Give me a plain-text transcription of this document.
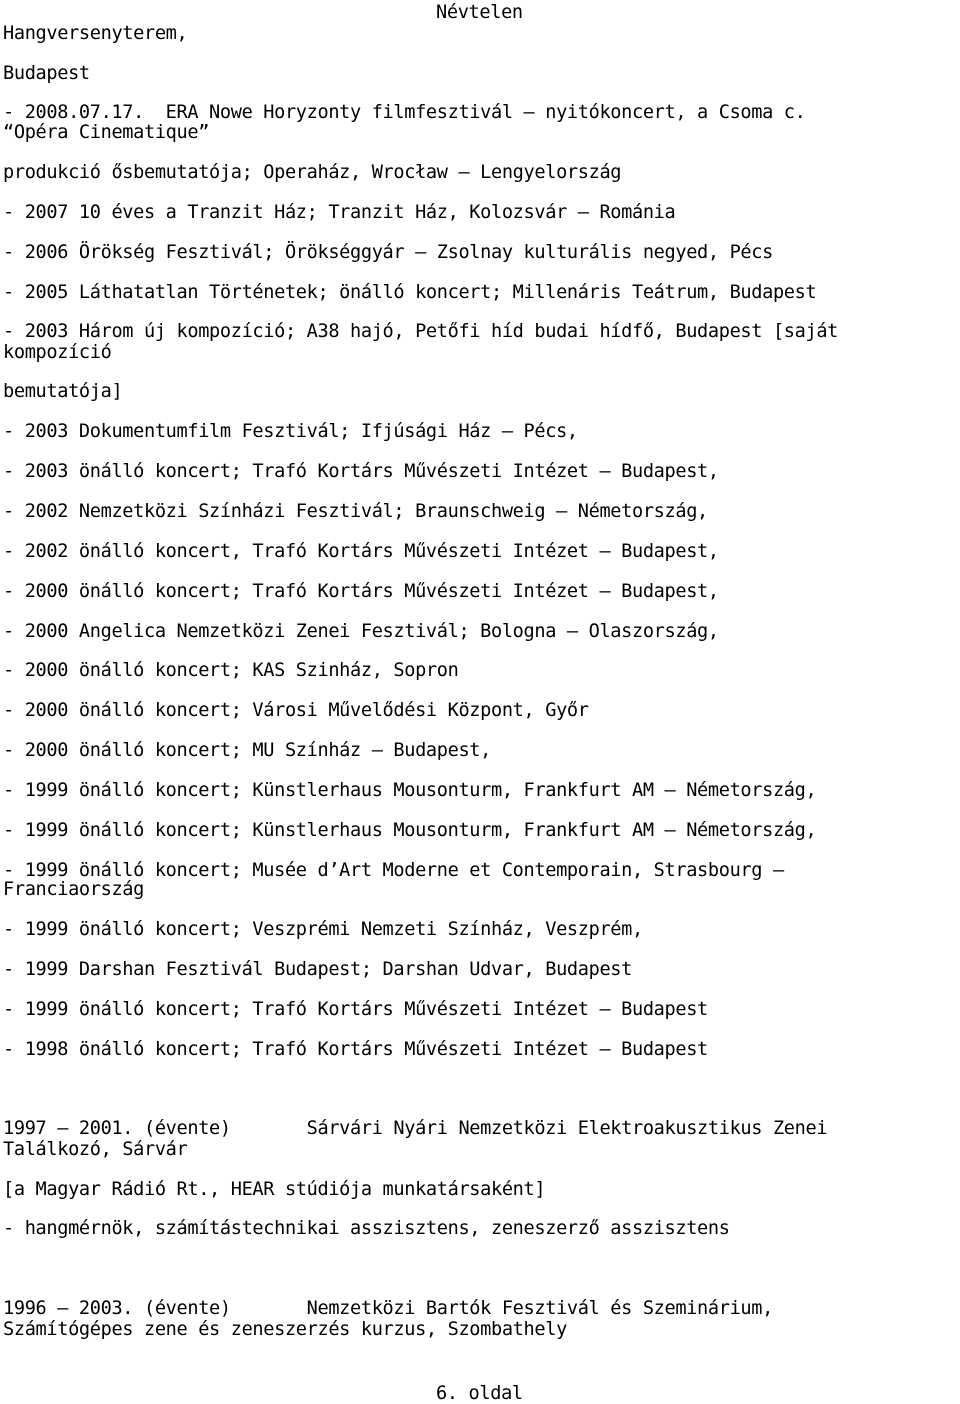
Hangversenyterem,

Névtelen

Budapest

- 2008.07.17.  ERA Nowe Horyzonty filmfesztivál – nyitókoncert, a Csoma c.

“Opéra Cinematique”

produkció ősbemutatója; Operaház, Wrocław – Lengyelország

- 2007 10 éves a Tranzit Ház; Tranzit Ház, Kolozsvár – Románia

- 2006 Örökség Fesztivál; Örökséggyár – Zsolnay kulturális negyed, Pécs

- 2005 Láthatatlan Történetek; önálló koncert; Millenáris Teátrum, Budapest

- 2003 Három új kompozíció; A38 hajó, Petőfi híd budai hídfő, Budapest [saját

kompozíció

bemutatója]

- 2003 Dokumentumfilm Fesztivál; Ifjúsági Ház – Pécs,

- 2003 önálló koncert; Trafó Kortárs Művészeti Intézet – Budapest,

- 2002 Nemzetközi Színházi Fesztivál; Braunschweig – Németország,

- 2002 önálló koncert, Trafó Kortárs Művészeti Intézet – Budapest,

- 2000 önálló koncert; Trafó Kortárs Művészeti Intézet – Budapest,

- 2000 Angelica Nemzetközi Zenei Fesztivál; Bologna – Olaszország,

- 2000 önálló koncert; KAS Szinház, Sopron

- 2000 önálló koncert; Városi Művelődési Központ, Győr

- 2000 önálló koncert; MU Színház – Budapest,

- 1999 önálló koncert; Künstlerhaus Mousonturm, Frankfurt AM – Németország,

- 1999 önálló koncert; Künstlerhaus Mousonturm, Frankfurt AM – Németország,

- 1999 önálló koncert; Musée d’Art Moderne et Contemporain, Strasbourg –

Franciaország

- 1999 önálló koncert; Veszprémi Nemzeti Színház, Veszprém,

- 1999 Darshan Fesztivál Budapest; Darshan Udvar, Budapest

- 1999 önálló koncert; Trafó Kortárs Művészeti Intézet – Budapest

- 1998 önálló koncert; Trafó Kortárs Művészeti Intézet – Budapest

1997 – 2001. (évente)       Sárvári Nyári Nemzetközi Elektroakusztikus Zenei

Találkozó, Sárvár

[a Magyar Rádió Rt., HEAR stúdiója munkatársaként]

- hangmérnök, számítástechnikai asszisztens, zeneszerző asszisztens

1996 – 2003. (évente)       Nemzetközi Bartók Fesztivál és Szeminárium,

Számítógépes zene és zeneszerzés kurzus, Szombathely

6. oldal
